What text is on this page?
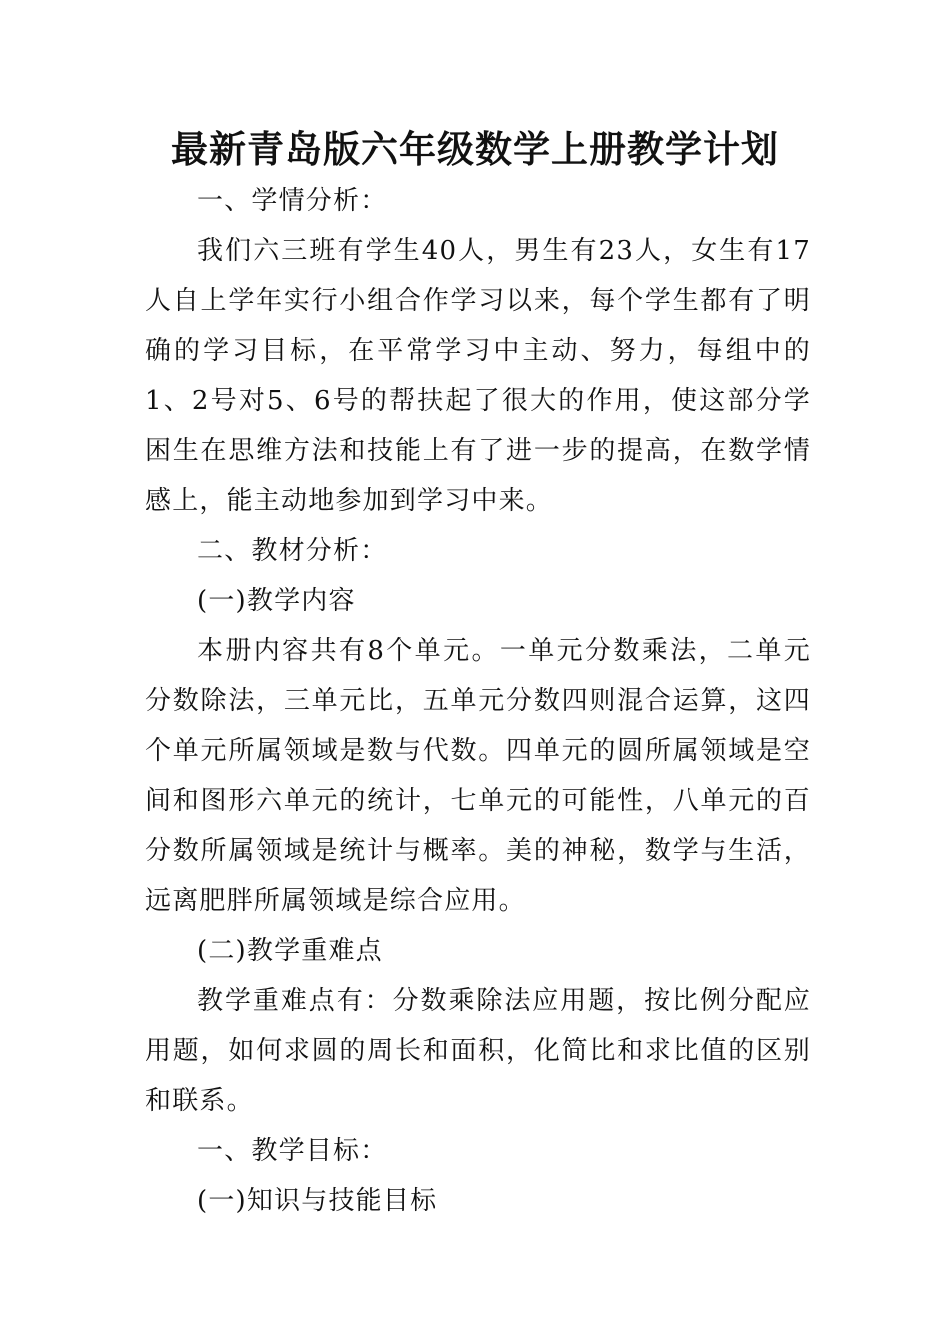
最新青岛版六年级数学上册教学计划

一、学情分析：

我们六三班有学生40人，男生有23人，女生有17人自上学年实行小组合作学习以来，每个学生都有了明确的学习目标，在平常学习中主动、努力，每组中的1、2号对5、6号的帮扶起了很大的作用，使这部分学困生在思维方法和技能上有了进一步的提高，在数学情感上，能主动地参加到学习中来。

二、教材分析：

(一)教学内容

本册内容共有8个单元。一单元分数乘法，二单元分数除法，三单元比，五单元分数四则混合运算，这四个单元所属领域是数与代数。四单元的圆所属领域是空间和图形六单元的统计，七单元的可能性，八单元的百分数所属领域是统计与概率。美的神秘，数学与生活，远离肥胖所属领域是综合应用。

(二)教学重难点

教学重难点有：分数乘除法应用题，按比例分配应用题，如何求圆的周长和面积，化简比和求比值的区别和联系。

一、教学目标：

(一)知识与技能目标
